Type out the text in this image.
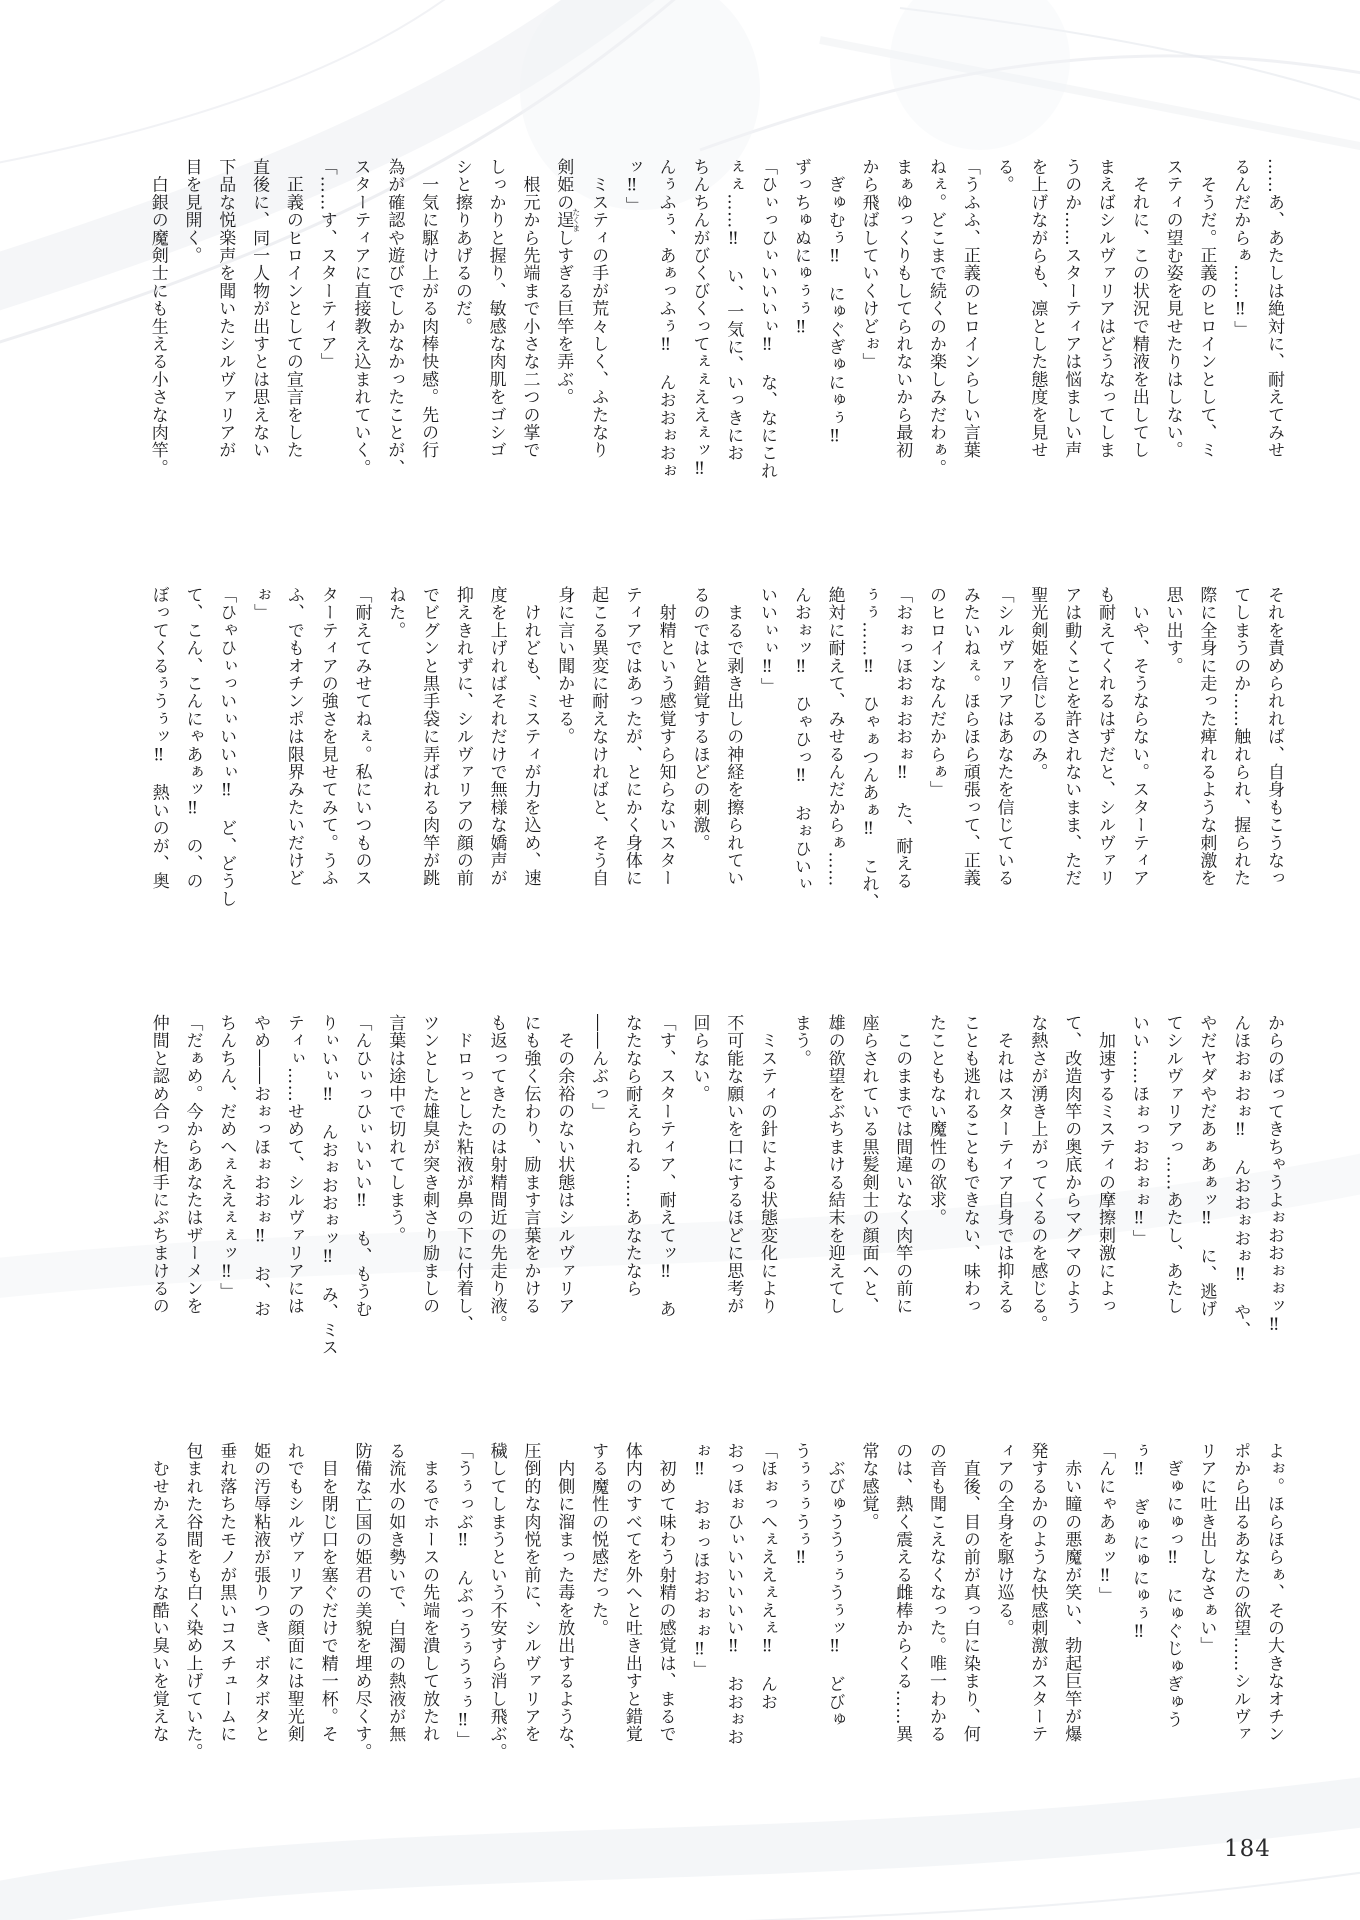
……あ、あたしは絶対に、耐えてみせ

るんだからぁ……‼」

　そうだ。正義のヒロインとして、ミ

スティの望む姿を見せたりはしない。

　それに、この状況で精液を出してし

まえばシルヴァリアはどうなってしま

うのか……スターティアは悩ましい声

を上げながらも、凛とした態度を見せ

る。

「うふふ、正義のヒロインらしい言葉

ねぇ。どこまで続くのか楽しみだわぁ。

まぁゆっくりもしてられないから最初

から飛ばしていくけどぉ」

　ぎゅむぅ‼　にゅぐぎゅにゅぅ‼

ずっちゅぬにゅぅぅ‼

「ひぃっひぃいいいぃ‼　な、なにこれ

ぇぇ……‼　い、一気に、いっきにお

ちんちんがびくびくってぇぇええぇッ‼

んぅふぅ、あぁっふぅ‼　んおおぉおぉ

ッ‼」

　ミスティの手が荒々しく、ふたなり

剣姫の逞たくましすぎる巨竿を弄ぶ。

　根元から先端まで小さな二つの掌で

しっかりと握り、敏感な肉肌をゴシゴ

シと擦りあげるのだ。

　一気に駆け上がる肉棒快感。先の行

為が確認や遊びでしかなかったことが、

スターティアに直接教え込まれていく。

「……す、スターティア」

　正義のヒロインとしての宣言をした

直後に、同一人物が出すとは思えない

下品な悦楽声を聞いたシルヴァリアが

目を見開く。

　白銀の魔剣士にも生える小さな肉竿。

それを責められれば、自身もこうなっ

てしまうのか……触れられ、握られた

際に全身に走った痺れるような刺激を

思い出す。

　いや、そうならない。スターティア

も耐えてくれるはずだと、シルヴァリ

アは動くことを許されないまま、ただ

聖光剣姫を信じるのみ。

「シルヴァリアはあなたを信じている

みたいねぇ。ほらほら頑張って、正義

のヒロインなんだからぁ」

「おぉっほおぉおおぉ‼　た、耐える

ぅぅ……‼　ひゃぁつんあぁ‼　これ、

絶対に耐えて、みせるんだからぁ……

んおぉッ‼　ひゃひっ‼　おぉひいぃ

いいぃぃ‼」

　まるで剥き出しの神経を擦られてい

るのではと錯覚するほどの刺激。

　射精という感覚すら知らないスター

ティアではあったが、とにかく身体に

起こる異変に耐えなければと、そう自

身に言い聞かせる。

　けれども、ミスティが力を込め、速

度を上げればそれだけで無様な嬌声が

抑えきれずに、シルヴァリアの顔の前

でビグンと黒手袋に弄ばれる肉竿が跳

ねた。

「耐えてみせてねぇ。私にいつものス

ターティアの強さを見せてみて。うふ

ふ、でもオチンポは限界みたいだけど

ぉ」

「ひゃひぃっいぃいいぃ‼　ど、どうし

て、こん、こんにゃあぁッ‼　の、の

ぼってくるぅうぅッ‼　熱いのが、奥

からのぼってきちゃうよぉおおぉぉッ‼

んほおぉおぉ‼　んおおぉおぉ‼　や、

やだヤダやだあぁあぁッ‼　に、逃げ

てシルヴァリアっ……あたし、あたし

いい……ほぉっおおぉぉ‼」

　加速するミスティの摩擦刺激によっ

て、改造肉竿の奥底からマグマのよう

な熱さが湧き上がってくるのを感じる。

　それはスターティア自身では抑える

ことも逃れることもできない、味わっ

たこともない魔性の欲求。

　このままでは間違いなく肉竿の前に

座らされている黒髪剣士の顔面へと、

雄の欲望をぶちまける結末を迎えてし

まう。

　ミスティの針による状態変化により

不可能な願いを口にするほどに思考が

回らない。

「す、スターティア、耐えてッ‼　あ

なたなら耐えられる……あなたなら

――んぶっ」

　その余裕のない状態はシルヴァリア

にも強く伝わり、励ます言葉をかける

も返ってきたのは射精間近の先走り液。

　ドロっとした粘液が鼻の下に付着し、

ツンとした雄臭が突き刺さり励ましの

言葉は途中で切れてしまう。

「んひぃっひぃいいい‼　も、もうむ

りぃいぃ‼　んおぉおおぉッ‼　み、ミス

ティぃ……せめて、シルヴァリアには

やめ――おぉっほぉおおぉ‼　お、お

ちんちん、だめへぇええぇぇッ‼」

「だぁめ。今からあなたはザーメンを

仲間と認め合った相手にぶちまけるの

よぉ。ほらほらぁ、その大きなオチン

ポから出るあなたの欲望……シルヴァ

リアに吐き出しなさぁい」

　ぎゅにゅっ‼　にゅぐじゅぎゅう

ぅ‼　ぎゅにゅにゅぅ‼

「んにゃあぁッ‼」

　赤い瞳の悪魔が笑い、勃起巨竿が爆

発するかのような快感刺激がスターテ

ィアの全身を駆け巡る。

　直後、目の前が真っ白に染まり、何

の音も聞こえなくなった。唯一わかる

のは、熱く震える雌棒からくる……異

常な感覚。

　ぶびゅううぅぅうぅッ‼　どびゅ

うぅぅぅうぅ‼

「ほぉっへぇええぇえぇ‼　んお

おっほぉひぃいいいいい‼　おおぉお

ぉ‼　おぉっほおおぉぉ‼」

　初めて味わう射精の感覚は、まるで

体内のすべてを外へと吐き出すと錯覚

する魔性の悦感だった。

　内側に溜まった毒を放出するような、

圧倒的な肉悦を前に、シルヴァリアを

穢してしまうという不安すら消し飛ぶ。

「うぅっぶ‼　んぶっうぅうぅぅ‼」

　まるでホースの先端を潰して放たれ

る流水の如き勢いで、白濁の熱液が無

防備な亡国の姫君の美貌を埋め尽くす。

　目を閉じ口を塞ぐだけで精一杯。そ

れでもシルヴァリアの顔面には聖光剣

姫の汚辱粘液が張りつき、ボタボタと

垂れ落ちたモノが黒いコスチュームに

包まれた谷間をも白く染め上げていた。

　むせかえるような酷い臭いを覚えな

184
